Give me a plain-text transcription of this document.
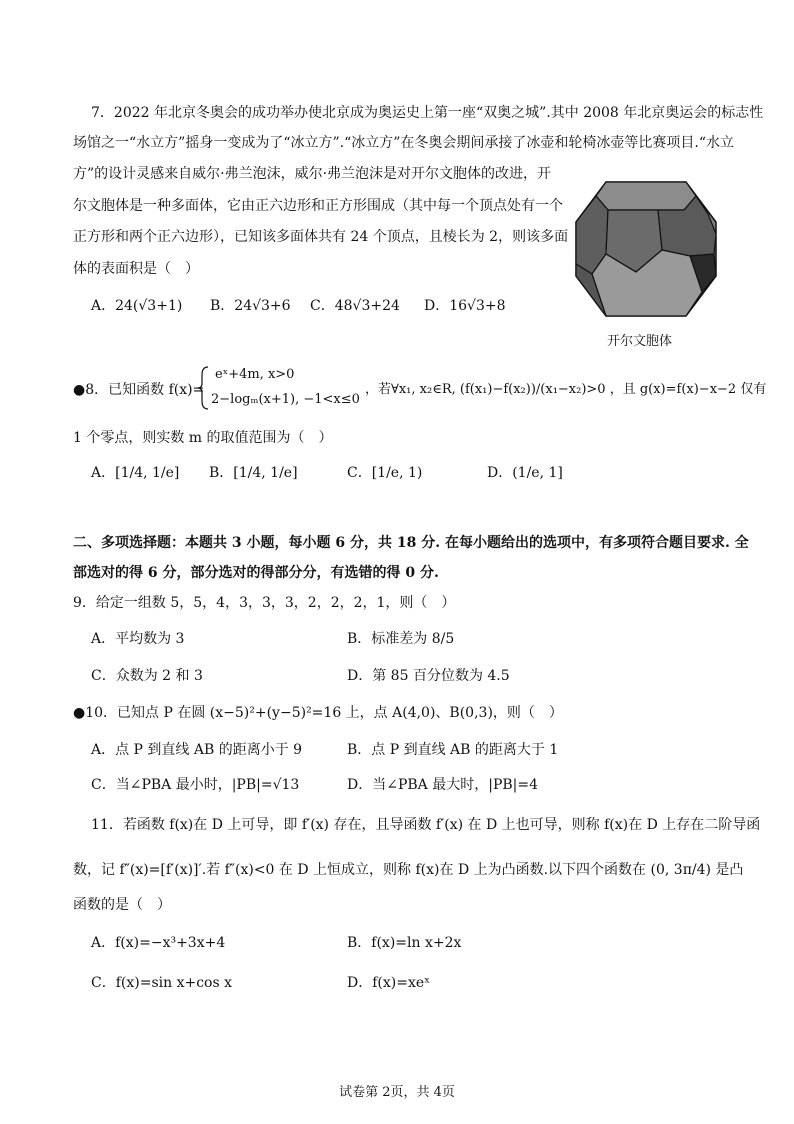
7．2022 年北京冬奥会的成功举办使北京成为奥运史上第一座“双奥之城”.其中 2008 年北京奥运会的标志性
场馆之一“水立方”摇身一变成为了“冰立方”.“冰立方”在冬奥会期间承接了冰壶和轮椅冰壶等比赛项目.“水立
方”的设计灵感来自威尔·弗兰泡沫，威尔·弗兰泡沫是对开尔文胞体的改进，开
尔文胞体是一种多面体，它由正六边形和正方形围成（其中每一个顶点处有一个
正方形和两个正六边形），已知该多面体共有 24 个顶点，且棱长为 2，则该多面
体的表面积是（　）
A．24(√3+1) B．24√3+6 C．48√3+24 D．16√3+8
开尔文胞体
●8．已知函数 f(x)=
eˣ+4m, x>0
2−logₘ(x+1), −1<x≤0
，若∀x₁, x₂∈R, (f(x₁)−f(x₂))/(x₁−x₂)>0 ，且 g(x)=f(x)−x−2 仅有
1 个零点，则实数 m 的取值范围为（　）
A．[1/4, 1/e] B．[1/4, 1/e]	C．[1/e, 1)	D．(1/e, 1]
二、多项选择题：本题共 3 小题，每小题 6 分，共 18 分. 在每小题给出的选项中，有多项符合题目要求. 全
部选对的得 6 分，部分选对的得部分分，有选错的得 0 分.
9．给定一组数 5，5，4，3，3，3，2，2，2，1，则（　）
A．平均数为 3	B．标准差为 8/5
C．众数为 2 和 3	D．第 85 百分位数为 4.5
●10．已知点 P 在圆 (x−5)²+(y−5)²=16 上，点 A(4,0)、B(0,3)，则（　）
A．点 P 到直线 AB 的距离小于 9	B．点 P 到直线 AB 的距离大于 1
C．当∠PBA 最小时，|PB|=√13	D．当∠PBA 最大时，|PB|=4
11．若函数 f(x)在 D 上可导，即 f′(x) 存在，且导函数 f′(x) 在 D 上也可导，则称 f(x)在 D 上存在二阶导函
数，记 f″(x)=[f′(x)]′.若 f″(x)<0 在 D 上恒成立，则称 f(x)在 D 上为凸函数.以下四个函数在 (0, 3π/4) 是凸
函数的是（　）
A．f(x)=−x³+3x+4	B．f(x)=ln x+2x
C．f(x)=sin x+cos x	D．f(x)=xeˣ
试卷第 2页，共 4页
